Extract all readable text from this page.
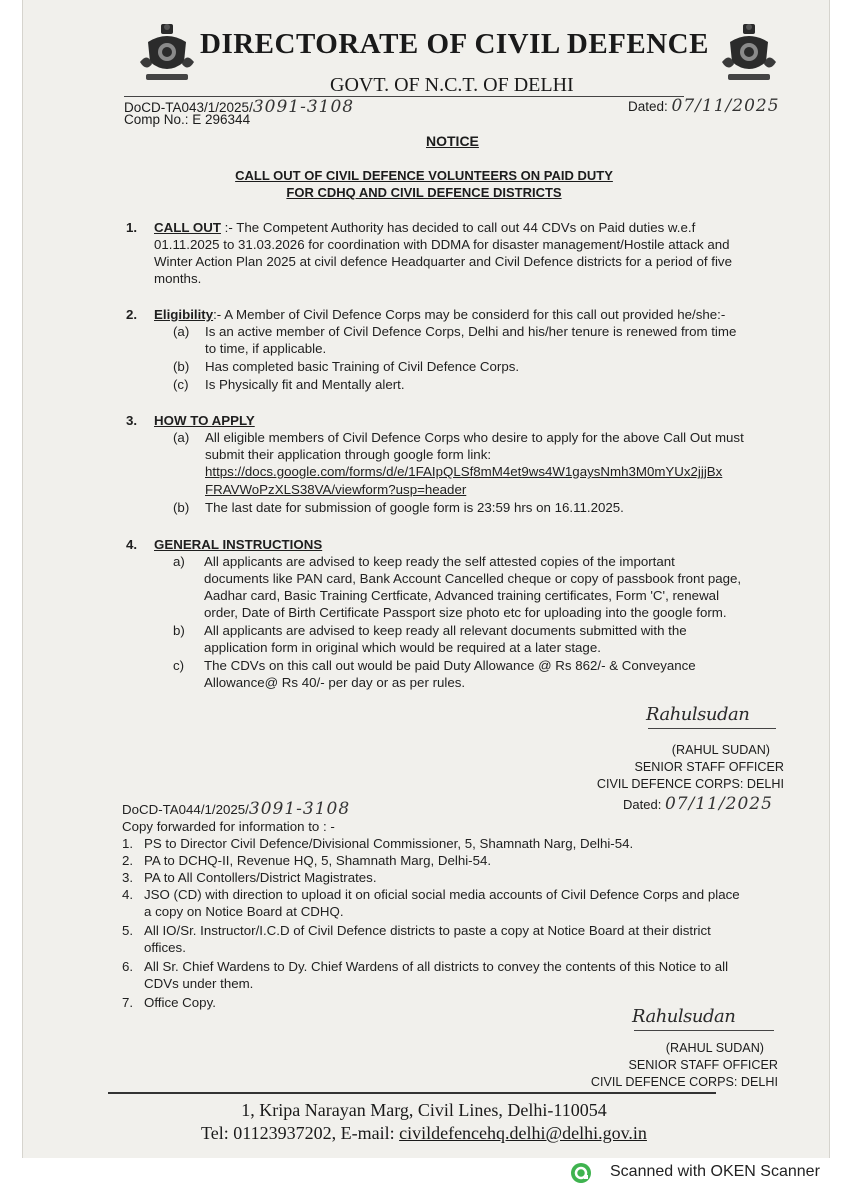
DIRECTORATE OF CIVIL DEFENCE
GOVT. OF N.C.T. OF DELHI
DoCD-TA043/1/2025/3091-3108
Comp No.: E 296344
Dated: 07/11/2025
NOTICE
CALL OUT OF CIVIL DEFENCE VOLUNTEERS ON PAID DUTY
FOR CDHQ AND CIVIL DEFENCE DISTRICTS
1. CALL OUT :- The Competent Authority has decided to call out 44 CDVs on Paid duties w.e.f
01.11.2025 to 31.03.2026 for coordination with DDMA for disaster management/Hostile attack and
Winter Action Plan 2025 at civil defence Headquarter and Civil Defence districts for a period of five
months.
2. Eligibility:- A Member of Civil Defence Corps may be considerd for this call out provided he/she:-
(a) Is an active member of Civil Defence Corps, Delhi and his/her tenure is renewed from time
to time, if applicable.
(b) Has completed basic Training of Civil Defence Corps.
(c) Is Physically fit and Mentally alert.
3. HOW TO APPLY
(a) All eligible members of Civil Defence Corps who desire to apply for the above Call Out must
submit their application through google form link:
https://docs.google.com/forms/d/e/1FAIpQLSf8mM4et9ws4W1gaysNmh3M0mYUx2jjjBx
FRAVWoPzXLS38VA/viewform?usp=header
(b) The last date for submission of google form is 23:59 hrs on 16.11.2025.
4. GENERAL INSTRUCTIONS
a) All applicants are advised to keep ready the self attested copies of the important
documents like PAN card, Bank Account Cancelled cheque or copy of passbook front page,
Aadhar card, Basic Training Certficate, Advanced training certificates, Form 'C', renewal
order, Date of Birth Certificate Passport size photo etc for uploading into the google form.
b) All applicants are advised to keep ready all relevant documents submitted with the
application form in original which would be required at a later stage.
c) The CDVs on this call out would be paid Duty Allowance @ Rs 862/- & Conveyance
Allowance@ Rs 40/- per day or as per rules.
Rahulsudan
(RAHUL SUDAN)
SENIOR STAFF OFFICER
CIVIL DEFENCE CORPS: DELHI
Dated: 07/11/2025
DoCD-TA044/1/2025/3091-3108
Copy forwarded for information to : -
1. PS to Director Civil Defence/Divisional Commissioner, 5, Shamnath Narg, Delhi-54.
2. PA to DCHQ-II, Revenue HQ, 5, Shamnath Marg, Delhi-54.
3. PA to All Contollers/District Magistrates.
4. JSO (CD) with direction to upload it on oficial social media accounts of Civil Defence Corps and place
a copy on Notice Board at CDHQ.
5. All IO/Sr. Instructor/I.C.D of Civil Defence districts to paste a copy at Notice Board at their district
offices.
6. All Sr. Chief Wardens to Dy. Chief Wardens of all districts to convey the contents of this Notice to all
CDVs under them.
7. Office Copy.
Rahulsudan
(RAHUL SUDAN)
SENIOR STAFF OFFICER
CIVIL DEFENCE CORPS: DELHI
1, Kripa Narayan Marg, Civil Lines, Delhi-110054
Tel: 01123937202, E-mail: civildefencehq.delhi@delhi.gov.in
Scanned with OKEN Scanner
